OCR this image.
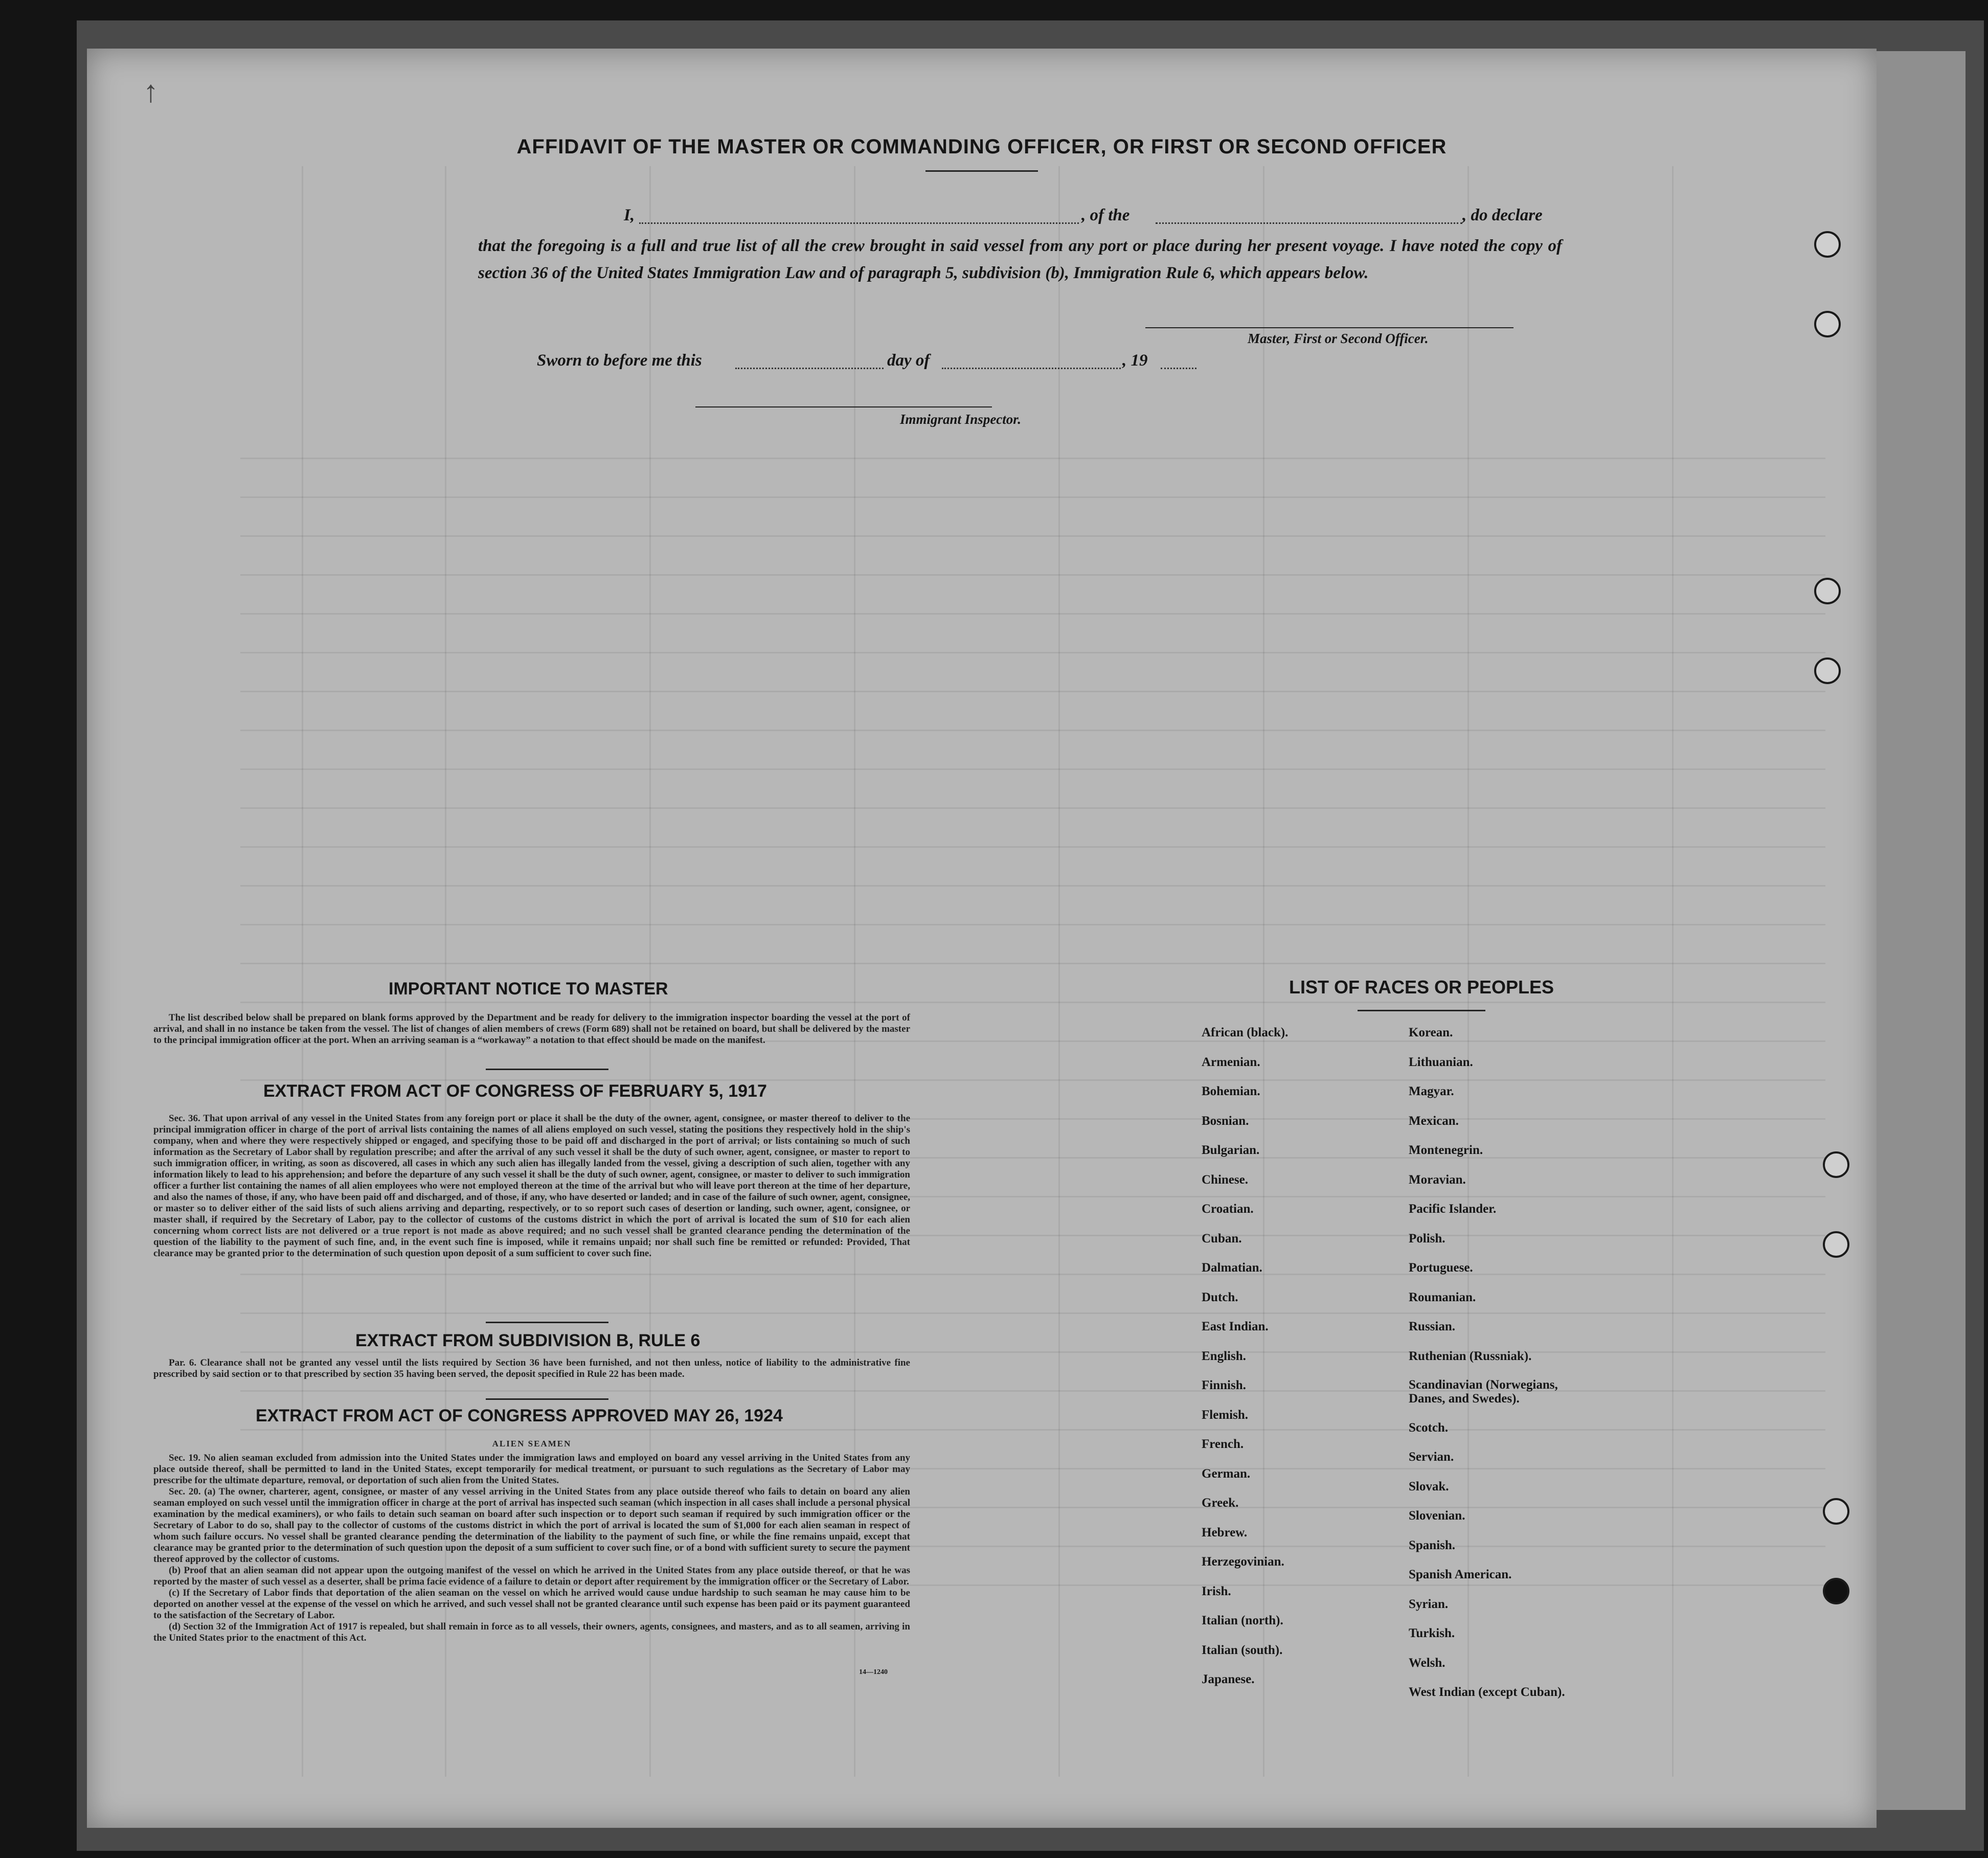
↑
AFFIDAVIT OF THE MASTER OR COMMANDING OFFICER, OR FIRST OR SECOND OFFICER
I,	, of the	, do declare
that the foregoing is a full and true list of all the crew brought in said vessel from any port or place during her present voyage. I have noted the copy of section 36 of the United States Immigration Law and of paragraph 5, subdivision (b), Immigration Rule 6, which appears below.
Master, First or Second Officer.
Sworn to before me this	day of	, 19
Immigrant Inspector.
IMPORTANT NOTICE TO MASTER

The list described below shall be prepared on blank forms approved by the Department and be ready for delivery to the immigration inspector boarding the vessel at the port of arrival, and shall in no instance be taken from the vessel. The list of changes of alien members of crews (Form 689) shall not be retained on board, but shall be delivered by the master to the principal immigration officer at the port. When an arriving seaman is a “workaway” a notation to that effect should be made on the manifest.

EXTRACT FROM ACT OF CONGRESS OF FEBRUARY 5, 1917

Sec. 36. That upon arrival of any vessel in the United States from any foreign port or place it shall be the duty of the owner, agent, consignee, or master thereof to deliver to the principal immigration officer in charge of the port of arrival lists containing the names of all aliens employed on such vessel, stating the positions they respectively hold in the ship's company, when and where they were respectively shipped or engaged, and specifying those to be paid off and discharged in the port of arrival; or lists containing so much of such information as the Secretary of Labor shall by regulation prescribe; and after the arrival of any such vessel it shall be the duty of such owner, agent, consignee, or master to report to such immigration officer, in writing, as soon as discovered, all cases in which any such alien has illegally landed from the vessel, giving a description of such alien, together with any information likely to lead to his apprehension; and before the departure of any such vessel it shall be the duty of such owner, agent, consignee, or master to deliver to such immigration officer a further list containing the names of all alien employees who were not employed thereon at the time of the arrival but who will leave port thereon at the time of her departure, and also the names of those, if any, who have been paid off and discharged, and of those, if any, who have deserted or landed; and in case of the failure of such owner, agent, consignee, or master so to deliver either of the said lists of such aliens arriving and departing, respectively, or to so report such cases of desertion or landing, such owner, agent, consignee, or master shall, if required by the Secretary of Labor, pay to the collector of customs of the customs district in which the port of arrival is located the sum of $10 for each alien concerning whom correct lists are not delivered or a true report is not made as above required; and no such vessel shall be granted clearance pending the determination of the question of the liability to the payment of such fine, and, in the event such fine is imposed, while it remains unpaid; nor shall such fine be remitted or refunded: Provided, That clearance may be granted prior to the determination of such question upon deposit of a sum sufficient to cover such fine.

EXTRACT FROM SUBDIVISION B, RULE 6

Par. 6. Clearance shall not be granted any vessel until the lists required by Section 36 have been furnished, and not then unless, notice of liability to the administrative fine prescribed by said section or to that prescribed by section 35 having been served, the deposit specified in Rule 22 has been made.

EXTRACT FROM ACT OF CONGRESS APPROVED MAY 26, 1924
ALIEN SEAMEN

Sec. 19. No alien seaman excluded from admission into the United States under the immigration laws and employed on board any vessel arriving in the United States from any place outside thereof, shall be permitted to land in the United States, except temporarily for medical treatment, or pursuant to such regulations as the Secretary of Labor may prescribe for the ultimate departure, removal, or deportation of such alien from the United States.

Sec. 20. (a) The owner, charterer, agent, consignee, or master of any vessel arriving in the United States from any place outside thereof who fails to detain on board any alien seaman employed on such vessel until the immigration officer in charge at the port of arrival has inspected such seaman (which inspection in all cases shall include a personal physical examination by the medical examiners), or who fails to detain such seaman on board after such inspection or to deport such seaman if required by such immigration officer or the Secretary of Labor to do so, shall pay to the collector of customs of the customs district in which the port of arrival is located the sum of $1,000 for each alien seaman in respect of whom such failure occurs. No vessel shall be granted clearance pending the determination of the liability to the payment of such fine, or while the fine remains unpaid, except that clearance may be granted prior to the determination of such question upon the deposit of a sum sufficient to cover such fine, or of a bond with sufficient surety to secure the payment thereof approved by the collector of customs.

(b) Proof that an alien seaman did not appear upon the outgoing manifest of the vessel on which he arrived in the United States from any place outside thereof, or that he was reported by the master of such vessel as a deserter, shall be prima facie evidence of a failure to detain or deport after requirement by the immigration officer or the Secretary of Labor.

(c) If the Secretary of Labor finds that deportation of the alien seaman on the vessel on which he arrived would cause undue hardship to such seaman he may cause him to be deported on another vessel at the expense of the vessel on which he arrived, and such vessel shall not be granted clearance until such expense has been paid or its payment guaranteed to the satisfaction of the Secretary of Labor.

(d) Section 32 of the Immigration Act of 1917 is repealed, but shall remain in force as to all vessels, their owners, agents, consignees, and masters, and as to all seamen, arriving in the United States prior to the enactment of this Act.

14—1240
LIST OF RACES OR PEOPLES
African (black).
Armenian.
Bohemian.
Bosnian.
Bulgarian.
Chinese.
Croatian.
Cuban.
Dalmatian.
Dutch.
East Indian.
English.
Finnish.
Flemish.
French.
German.
Greek.
Hebrew.
Herzegovinian.
Irish.
Italian (north).
Italian (south).
Japanese.
Korean.
Lithuanian.
Magyar.
Mexican.
Montenegrin.
Moravian.
Pacific Islander.
Polish.
Portuguese.
Roumanian.
Russian.
Ruthenian (Russniak).
Scandinavian (Norwegians, Danes, and Swedes).
Scotch.
Servian.
Slovak.
Slovenian.
Spanish.
Spanish American.
Syrian.
Turkish.
Welsh.
West Indian (except Cuban).
